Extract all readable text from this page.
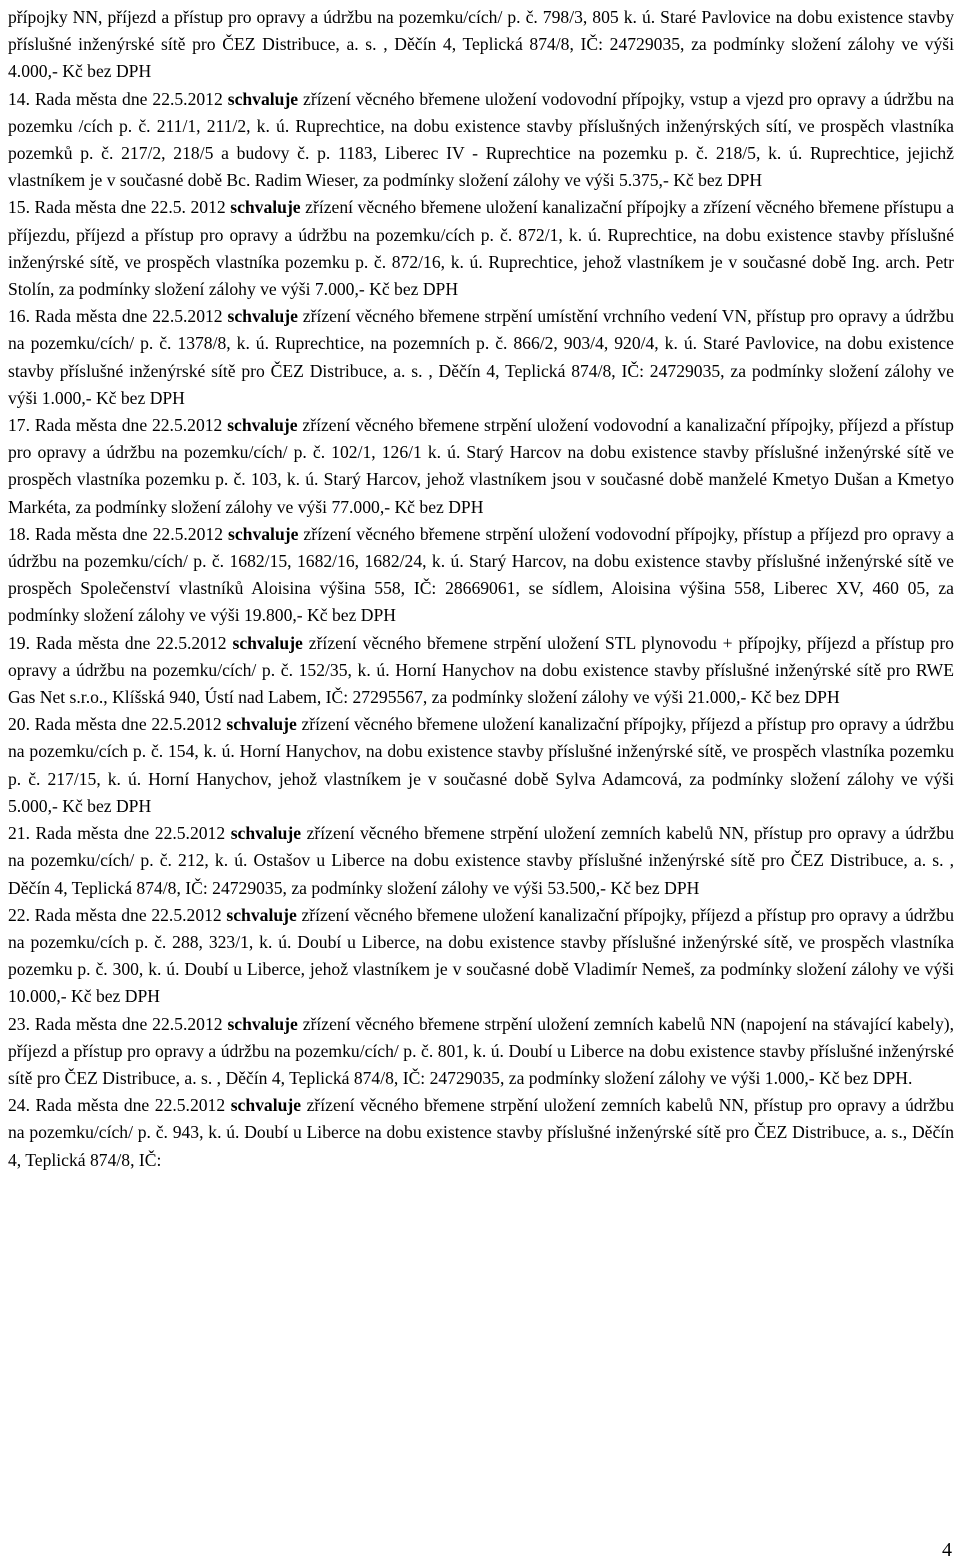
přípojky NN, příjezd a přístup pro opravy a údržbu na pozemku/cích/ p. č. 798/3, 805 k. ú. Staré Pavlovice na dobu existence stavby příslušné inženýrské sítě pro ČEZ Distribuce, a. s. , Děčín 4, Teplická 874/8, IČ: 24729035, za podmínky složení zálohy ve výši 4.000,- Kč bez DPH

14. Rada města dne 22.5.2012 schvaluje zřízení věcného břemene uložení vodovodní přípojky, vstup a vjezd pro opravy a údržbu na pozemku /cích p. č. 211/1, 211/2, k. ú. Ruprechtice, na dobu existence stavby příslušných inženýrských sítí, ve prospěch vlastníka pozemků p. č. 217/2, 218/5 a budovy č. p. 1183, Liberec IV - Ruprechtice na pozemku p. č. 218/5, k. ú. Ruprechtice, jejichž vlastníkem je v současné době Bc. Radim Wieser, za podmínky složení zálohy ve výši 5.375,- Kč bez DPH

15. Rada města dne 22.5. 2012 schvaluje zřízení věcného břemene uložení kanalizační přípojky a zřízení věcného břemene přístupu a příjezdu, příjezd a přístup pro opravy a údržbu na pozemku/cích p. č. 872/1, k. ú. Ruprechtice, na dobu existence stavby příslušné inženýrské sítě, ve prospěch vlastníka pozemku p. č. 872/16, k. ú. Ruprechtice, jehož vlastníkem je v současné době Ing. arch. Petr Stolín, za podmínky složení zálohy ve výši 7.000,- Kč bez DPH

16. Rada města dne 22.5.2012 schvaluje zřízení věcného břemene strpění umístění vrchního vedení VN, přístup pro opravy a údržbu na pozemku/cích/ p. č. 1378/8, k. ú. Ruprechtice, na pozemních p. č. 866/2, 903/4, 920/4, k. ú. Staré Pavlovice, na dobu existence stavby příslušné inženýrské sítě pro ČEZ Distribuce, a. s. , Děčín 4, Teplická 874/8, IČ: 24729035, za podmínky složení zálohy ve výši 1.000,- Kč bez DPH

17. Rada města dne 22.5.2012 schvaluje zřízení věcného břemene strpění uložení vodovodní a kanalizační přípojky, příjezd a přístup pro opravy a údržbu na pozemku/cích/ p. č. 102/1, 126/1 k. ú. Starý Harcov na dobu existence stavby příslušné inženýrské sítě ve prospěch vlastníka pozemku p. č. 103, k. ú. Starý Harcov, jehož vlastníkem jsou v současné době manželé Kmetyo Dušan a Kmetyo Markéta, za podmínky složení zálohy ve výši 77.000,- Kč bez DPH

18. Rada města dne 22.5.2012 schvaluje zřízení věcného břemene strpění uložení vodovodní přípojky, přístup a příjezd pro opravy a údržbu na pozemku/cích/ p. č. 1682/15, 1682/16, 1682/24, k. ú. Starý Harcov, na dobu existence stavby příslušné inženýrské sítě ve prospěch Společenství vlastníků Aloisina výšina 558, IČ: 28669061, se sídlem, Aloisina výšina 558, Liberec XV, 460 05, za podmínky složení zálohy ve výši 19.800,- Kč bez DPH

19. Rada města dne 22.5.2012 schvaluje zřízení věcného břemene strpění uložení STL plynovodu + přípojky, příjezd a přístup pro opravy a údržbu na pozemku/cích/ p. č. 152/35, k. ú. Horní Hanychov na dobu existence stavby příslušné inženýrské sítě pro RWE Gas Net s.r.o., Klíšská 940, Ústí nad Labem, IČ: 27295567, za podmínky složení zálohy ve výši 21.000,- Kč bez DPH

20. Rada města dne 22.5.2012 schvaluje zřízení věcného břemene uložení kanalizační přípojky, příjezd a přístup pro opravy a údržbu na pozemku/cích p. č. 154, k. ú. Horní Hanychov, na dobu existence stavby příslušné inženýrské sítě, ve prospěch vlastníka pozemku p. č. 217/15, k. ú. Horní Hanychov, jehož vlastníkem je v současné době Sylva Adamcová, za podmínky složení zálohy ve výši 5.000,- Kč bez DPH

21. Rada města dne 22.5.2012 schvaluje zřízení věcného břemene strpění uložení zemních kabelů NN, přístup pro opravy a údržbu na pozemku/cích/ p. č. 212, k. ú. Ostašov u Liberce na dobu existence stavby příslušné inženýrské sítě pro ČEZ Distribuce, a. s. , Děčín 4, Teplická 874/8, IČ: 24729035, za podmínky složení zálohy ve výši 53.500,- Kč bez DPH

22. Rada města dne 22.5.2012 schvaluje zřízení věcného břemene uložení kanalizační přípojky, příjezd a přístup pro opravy a údržbu na pozemku/cích p. č. 288, 323/1, k. ú. Doubí u Liberce, na dobu existence stavby příslušné inženýrské sítě, ve prospěch vlastníka pozemku p. č. 300, k. ú. Doubí u Liberce, jehož vlastníkem je v současné době Vladimír Nemeš, za podmínky složení zálohy ve výši 10.000,- Kč bez DPH

23. Rada města dne 22.5.2012 schvaluje zřízení věcného břemene strpění uložení zemních kabelů NN (napojení na stávající kabely), příjezd a přístup pro opravy a údržbu na pozemku/cích/ p. č. 801, k. ú. Doubí u Liberce na dobu existence stavby příslušné inženýrské sítě pro ČEZ Distribuce, a. s. , Děčín 4, Teplická 874/8, IČ: 24729035, za podmínky složení zálohy ve výši 1.000,- Kč bez DPH.

24. Rada města dne 22.5.2012 schvaluje zřízení věcného břemene strpění uložení zemních kabelů NN, přístup pro opravy a údržbu na pozemku/cích/ p. č. 943, k. ú. Doubí u Liberce na dobu existence stavby příslušné inženýrské sítě pro ČEZ Distribuce, a. s., Děčín 4, Teplická 874/8, IČ:

4
